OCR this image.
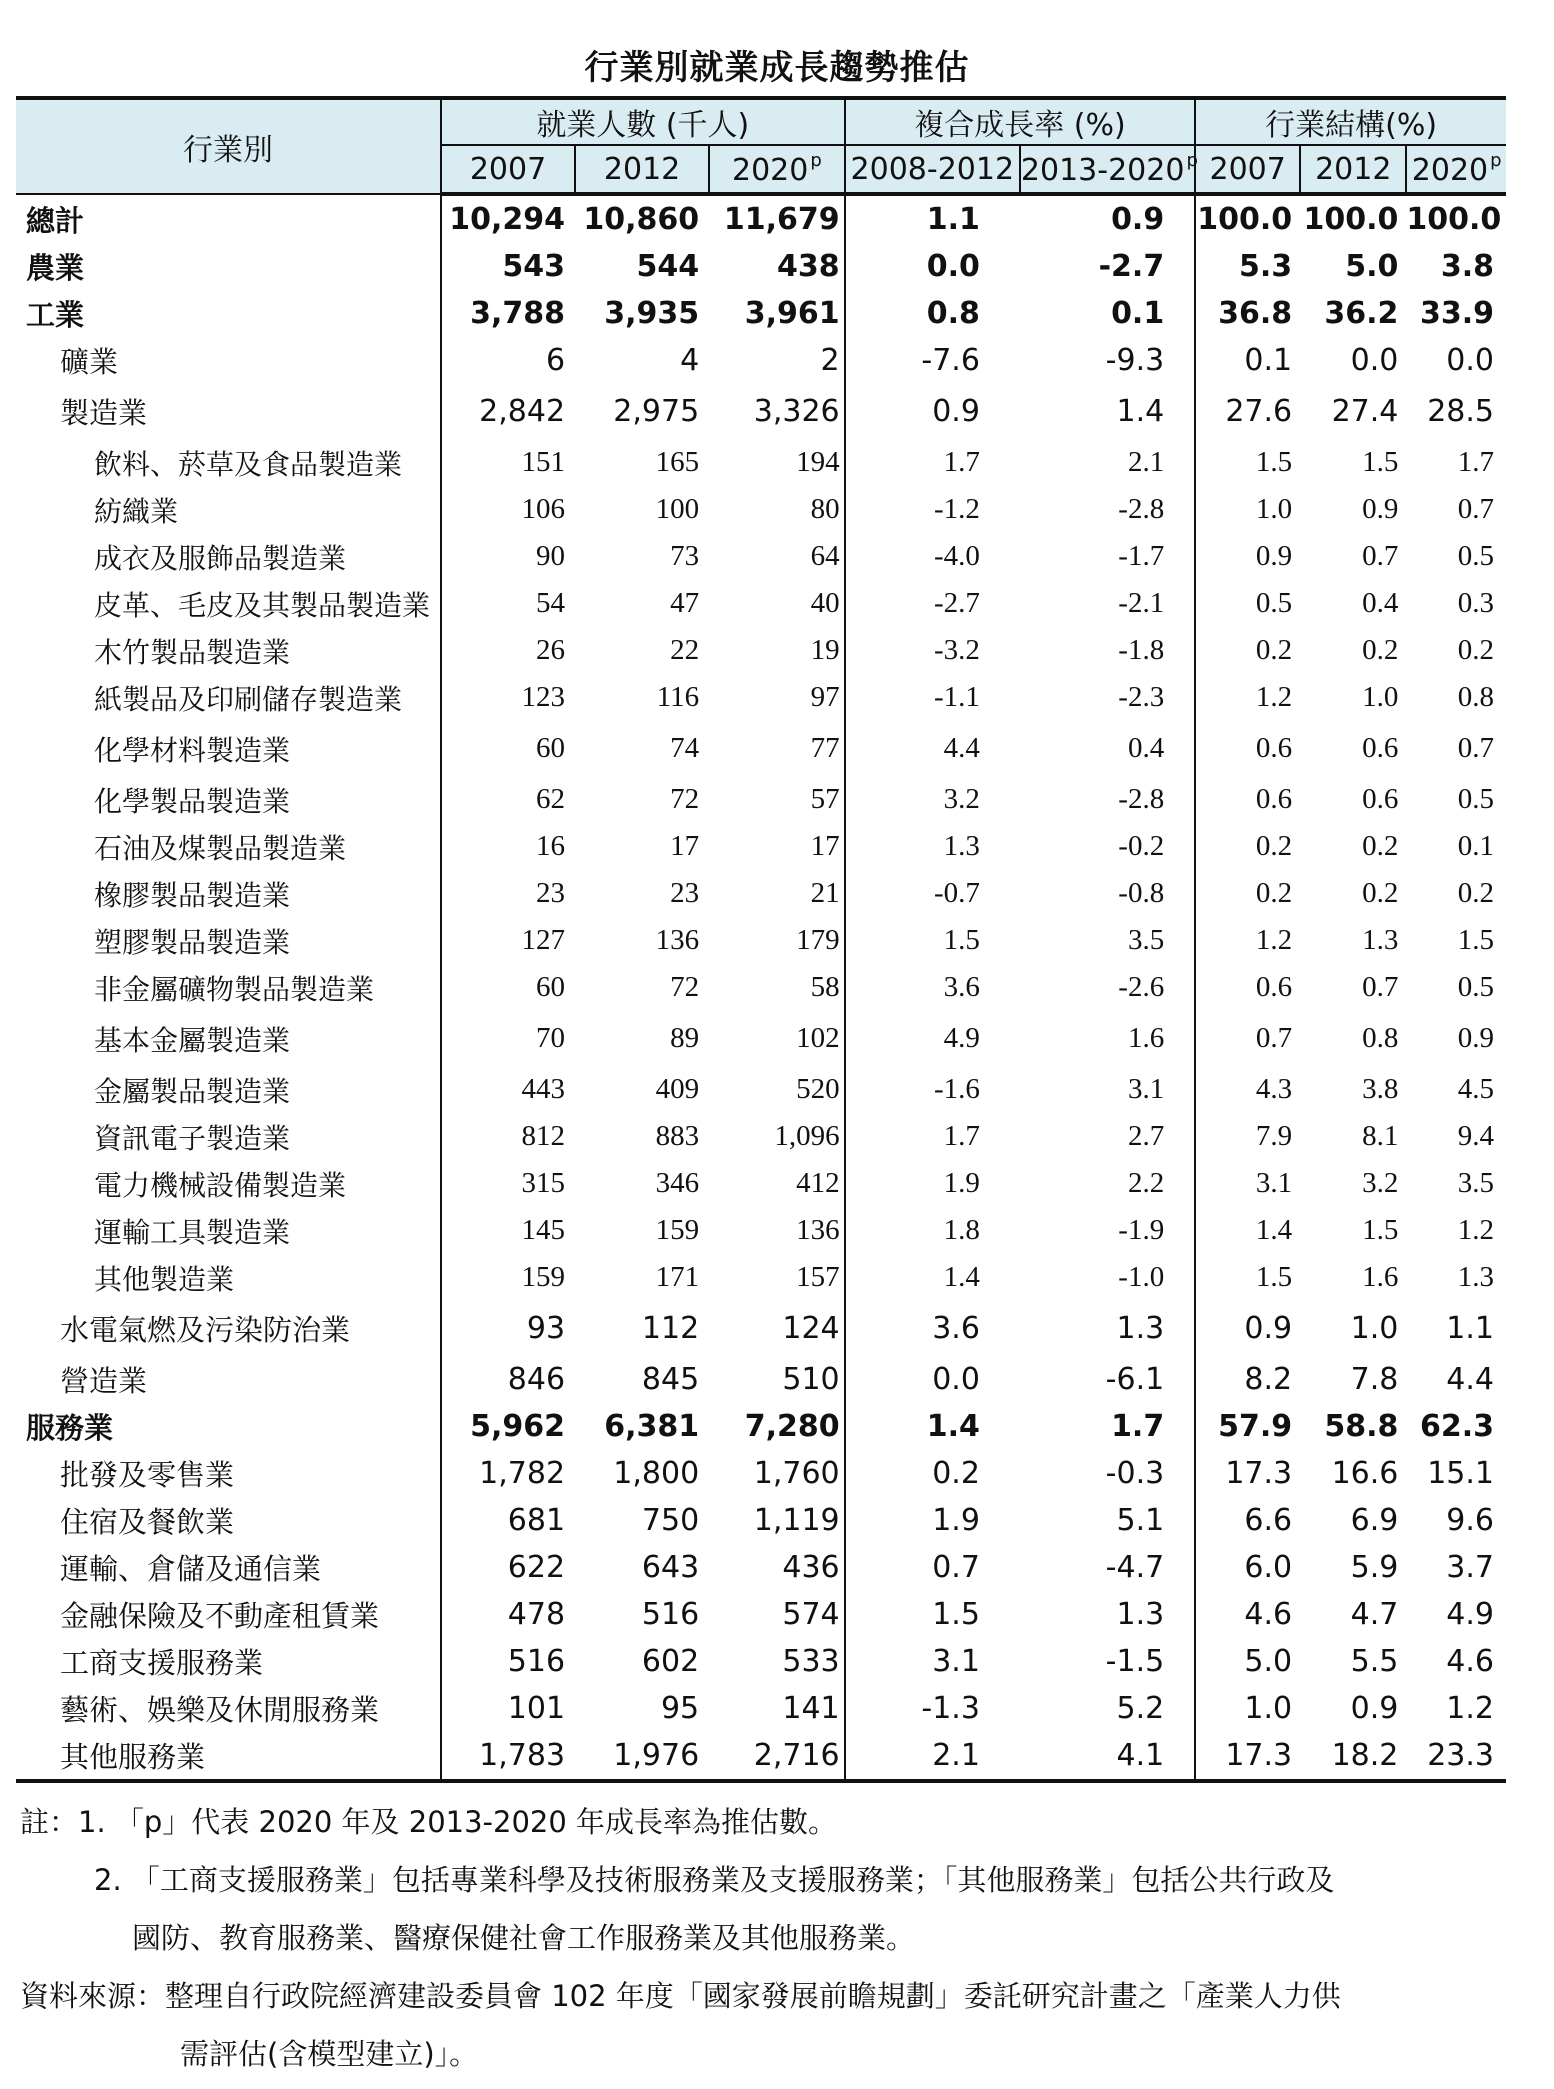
行業別就業成長趨勢推估
行業別	就業人數 (千人)			複合成長率 (%)		行業結構(%)		
	2007	2012	2020 $^p$	2008-2012	2013-2020 $^p$	2007	2012	2020 $^p$
總計	10,294	10,860	11,679	1.1	0.9	100.0	100.0	100.0
農業	543	544	438	0.0	-2.7	5.3	5.0	3.8
工業	3,788	3,935	3,961	0.8	0.1	36.8	36.2	33.9
礦業	6	4	2	-7.6	-9.3	0.1	0.0	0.0
製造業	2,842	2,975	3,326	0.9	1.4	27.6	27.4	28.5
飲料、菸草及食品製造業	151	165	194	1.7	2.1	1.5	1.5	1.7
紡織業	106	100	80	-1.2	-2.8	1.0	0.9	0.7
成衣及服飾品製造業	90	73	64	-4.0	-1.7	0.9	0.7	0.5
皮革、毛皮及其製品製造業	54	47	40	-2.7	-2.1	0.5	0.4	0.3
木竹製品製造業	26	22	19	-3.2	-1.8	0.2	0.2	0.2
紙製品及印刷儲存製造業	123	116	97	-1.1	-2.3	1.2	1.0	0.8
化學材料製造業	60	74	77	4.4	0.4	0.6	0.6	0.7
化學製品製造業	62	72	57	3.2	-2.8	0.6	0.6	0.5
石油及煤製品製造業	16	17	17	1.3	-0.2	0.2	0.2	0.1
橡膠製品製造業	23	23	21	-0.7	-0.8	0.2	0.2	0.2
塑膠製品製造業	127	136	179	1.5	3.5	1.2	1.3	1.5
非金屬礦物製品製造業	60	72	58	3.6	-2.6	0.6	0.7	0.5
基本金屬製造業	70	89	102	4.9	1.6	0.7	0.8	0.9
金屬製品製造業	443	409	520	-1.6	3.1	4.3	3.8	4.5
資訊電子製造業	812	883	1,096	1.7	2.7	7.9	8.1	9.4
電力機械設備製造業	315	346	412	1.9	2.2	3.1	3.2	3.5
運輸工具製造業	145	159	136	1.8	-1.9	1.4	1.5	1.2
其他製造業	159	171	157	1.4	-1.0	1.5	1.6	1.3
水電氣燃及污染防治業	93	112	124	3.6	1.3	0.9	1.0	1.1
營造業	846	845	510	0.0	-6.1	8.2	7.8	4.4
服務業	5,962	6,381	7,280	1.4	1.7	57.9	58.8	62.3
批發及零售業	1,782	1,800	1,760	0.2	-0.3	17.3	16.6	15.1
住宿及餐飲業	681	750	1,119	1.9	5.1	6.6	6.9	9.6
運輸、倉儲及通信業	622	643	436	0.7	-4.7	6.0	5.9	3.7
金融保險及不動產租賃業	478	516	574	1.5	1.3	4.6	4.7	4.9
工商支援服務業	516	602	533	3.1	-1.5	5.0	5.5	4.6
藝術、娛樂及休閒服務業	101	95	141	-1.3	5.2	1.0	0.9	1.2
其他服務業	1,783	1,976	2,716	2.1	4.1	17.3	18.2	23.3
註：1. 「p」代表 2020 年及 2013-2020 年成長率為推估數。
2. 「工商支援服務業」包括專業科學及技術服務業及支援服務業；「其他服務業」包括公共行政及
國防、教育服務業、醫療保健社會工作服務業及其他服務業。
資料來源：整理自行政院經濟建設委員會 102 年度「國家發展前瞻規劃」委託研究計畫之「產業人力供
需評估(含模型建立)」。
